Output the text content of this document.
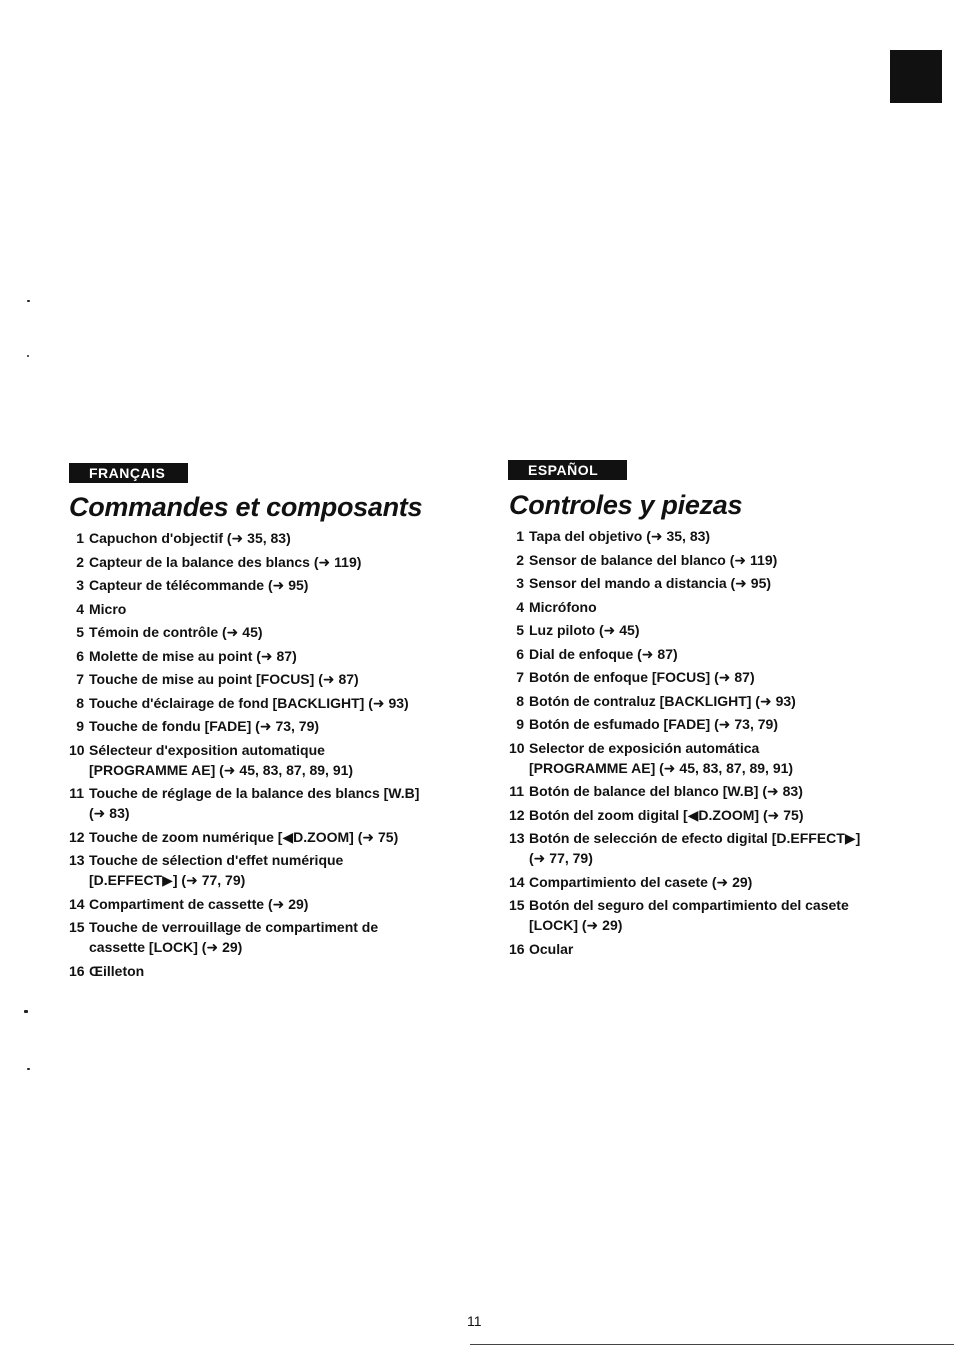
FRANÇAIS
Commandes et composants
1 Capuchon d'objectif (➜ 35, 83)
2 Capteur de la balance des blancs (➜ 119)
3 Capteur de télécommande (➜ 95)
4 Micro
5 Témoin de contrôle (➜ 45)
6 Molette de mise au point (➜ 87)
7 Touche de mise au point [FOCUS] (➜ 87)
8 Touche d'éclairage de fond [BACKLIGHT] (➜ 93)
9 Touche de fondu [FADE] (➜ 73, 79)
10 Sélecteur d'exposition automatique
[PROGRAMME AE] (➜ 45, 83, 87, 89, 91)
11 Touche de réglage de la balance des blancs [W.B]
(➜ 83)
12 Touche de zoom numérique [◀D.ZOOM] (➜ 75)
13 Touche de sélection d'effet numérique
[D.EFFECT▶] (➜ 77, 79)
14 Compartiment de cassette (➜ 29)
15 Touche de verrouillage de compartiment de
cassette [LOCK] (➜ 29)
16 Œilleton
ESPAÑOL
Controles y piezas
1 Tapa del objetivo (➜ 35, 83)
2 Sensor de balance del blanco (➜ 119)
3 Sensor del mando a distancia (➜ 95)
4 Micrófono
5 Luz piloto (➜ 45)
6 Dial de enfoque (➜ 87)
7 Botón de enfoque [FOCUS] (➜ 87)
8 Botón de contraluz [BACKLIGHT] (➜ 93)
9 Botón de esfumado [FADE] (➜ 73, 79)
10 Selector de exposición automática
[PROGRAMME AE] (➜ 45, 83, 87, 89, 91)
11 Botón de balance del blanco [W.B] (➜ 83)
12 Botón del zoom digital [◀D.ZOOM] (➜ 75)
13 Botón de selección de efecto digital [D.EFFECT▶]
(➜ 77, 79)
14 Compartimiento del casete (➜ 29)
15 Botón del seguro del compartimiento del casete
[LOCK] (➜ 29)
16 Ocular
11
